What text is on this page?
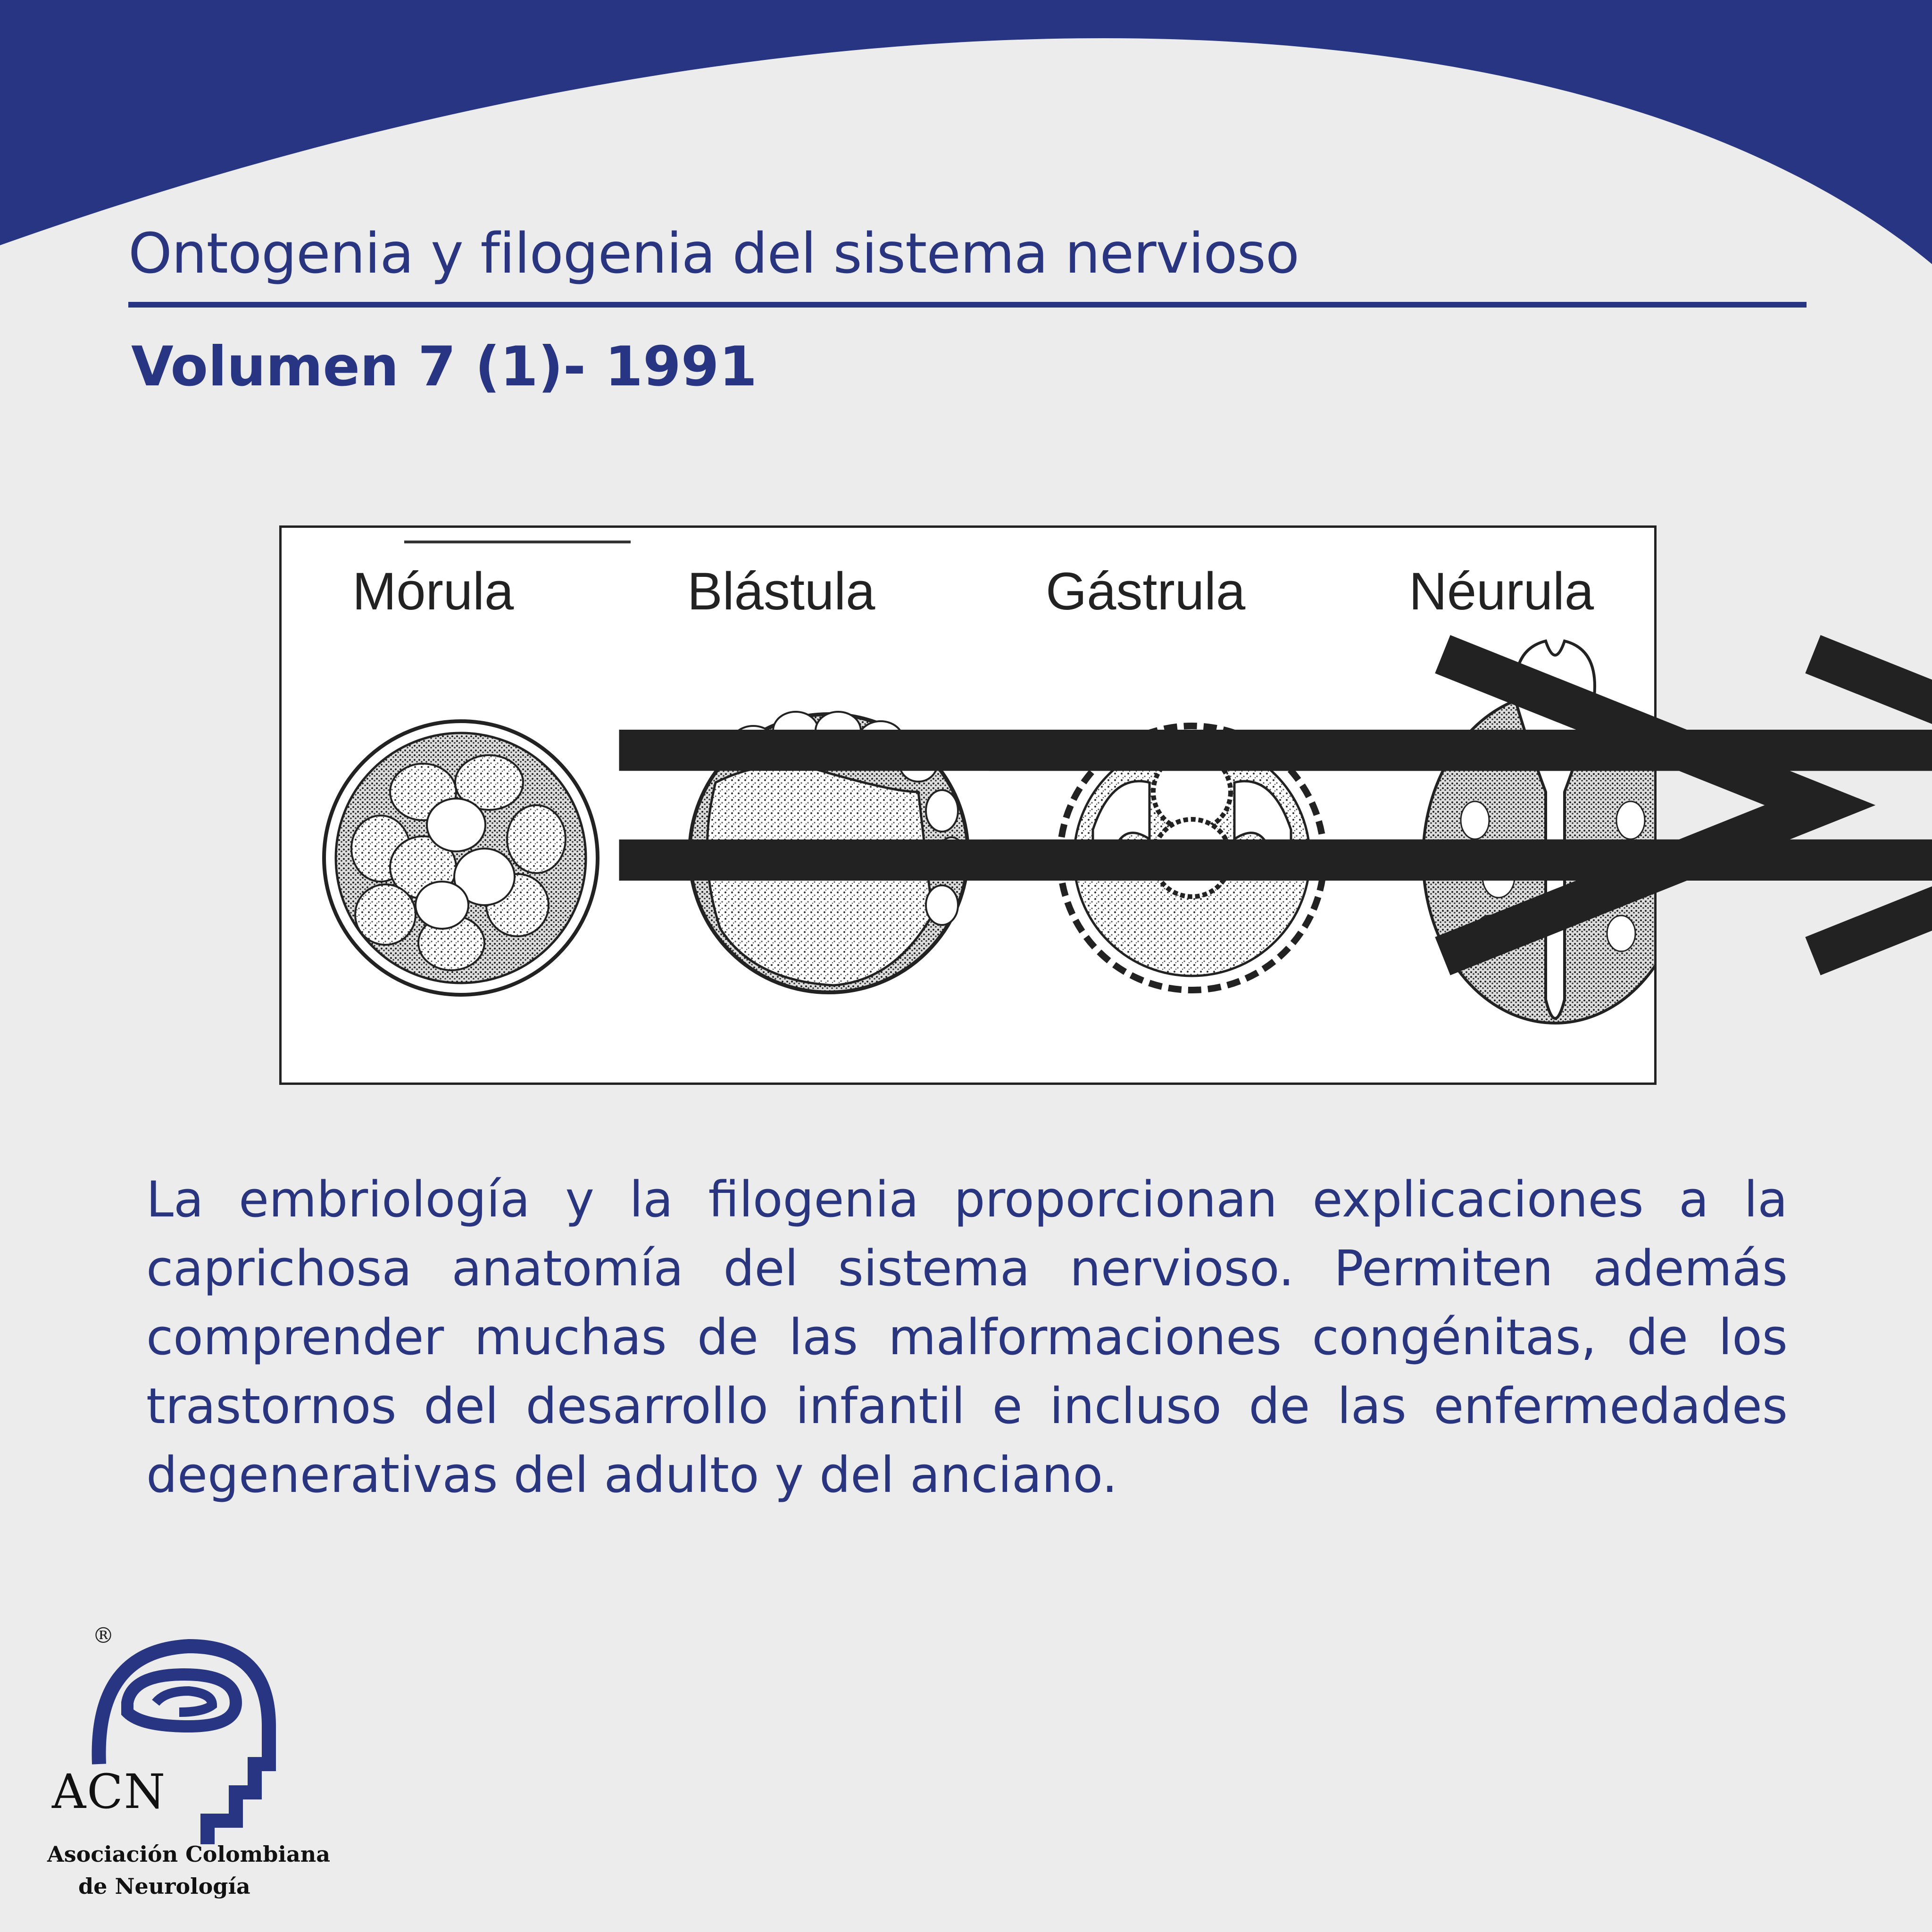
Ontogenia y filogenia del sistema nervioso
Volumen 7 (1)- 1991
Mórula	Blástula	Gástrula	Néurula
La embriología y la filogenia proporcionan explicaciones a la caprichosa anatomía del sistema nervioso. Permiten además comprender muchas de las malformaciones congénitas, de los trastornos del desarrollo infantil e incluso de las enfermedades degenerativas del adulto y del anciano.
®
ACN
Asociación Colombiana
de Neurología
